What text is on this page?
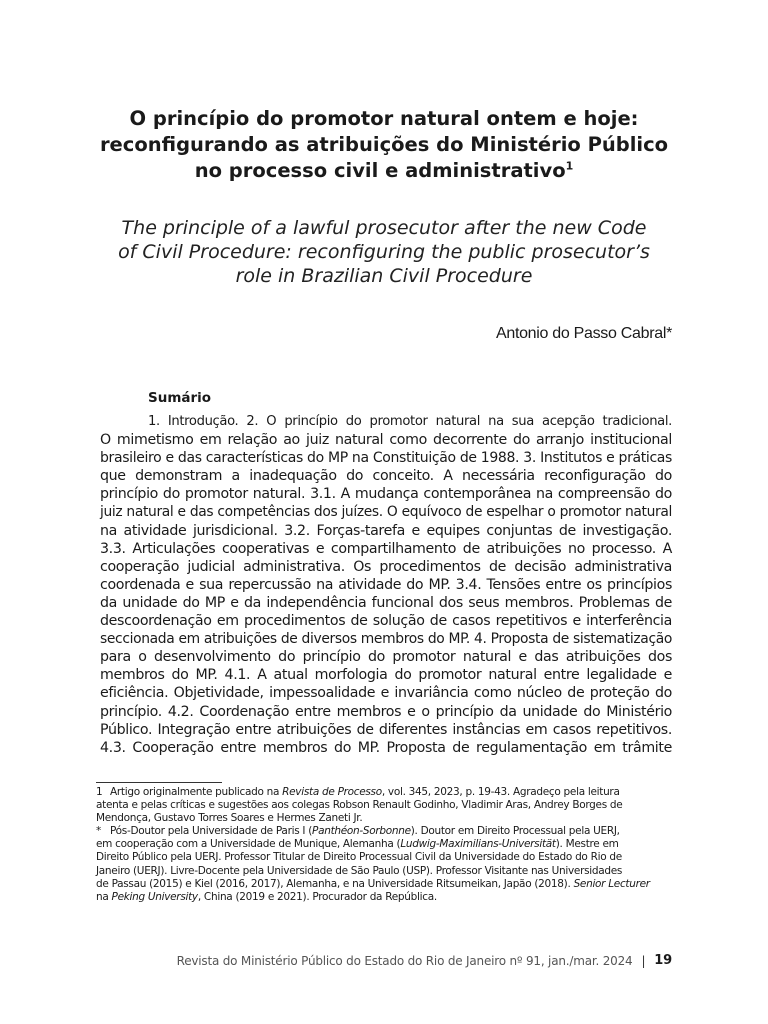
O princípio do promotor natural ontem e hoje:
reconfigurando as atribuições do Ministério Público
no processo civil e administrativo$^1$
The principle of a lawful prosecutor after the new Code
of Civil Procedure: reconfiguring the public prosecutor’s
role in Brazilian Civil Procedure
Antonio do Passo Cabral*
Sumário
1. Introdução. 2. O princípio do promotor natural na sua acepção tradicional.
O mimetismo em relação ao juiz natural como decorrente do arranjo institucional
brasileiro e das características do MP na Constituição de 1988. 3. Institutos e práticas
que demonstram a inadequação do conceito. A necessária reconfiguração do
princípio do promotor natural. 3.1. A mudança contemporânea na compreensão do
juiz natural e das competências dos juízes. O equívoco de espelhar o promotor natural
na atividade jurisdicional. 3.2. Forças-tarefa e equipes conjuntas de investigação.
3.3. Articulações cooperativas e compartilhamento de atribuições no processo. A
cooperação judicial administrativa. Os procedimentos de decisão administrativa
coordenada e sua repercussão na atividade do MP. 3.4. Tensões entre os princípios
da unidade do MP e da independência funcional dos seus membros. Problemas de
descoordenação em procedimentos de solução de casos repetitivos e interferência
seccionada em atribuições de diversos membros do MP. 4. Proposta de sistematização
para o desenvolvimento do princípio do promotor natural e das atribuições dos
membros do MP. 4.1. A atual morfologia do promotor natural entre legalidade e
eficiência. Objetividade, impessoalidade e invariância como núcleo de proteção do
princípio. 4.2. Coordenação entre membros e o princípio da unidade do Ministério
Público. Integração entre atribuições de diferentes instâncias em casos repetitivos.
4.3. Cooperação entre membros do MP. Proposta de regulamentação em trâmite
1 Artigo originalmente publicado na Revista de Processo, vol. 345, 2023, p. 19-43. Agradeço pela leitura
atenta e pelas críticas e sugestões aos colegas Robson Renault Godinho, Vladimir Aras, Andrey Borges de
Mendonça, Gustavo Torres Soares e Hermes Zaneti Jr.
* Pós-Doutor pela Universidade de Paris I (Panthéon-Sorbonne). Doutor em Direito Processual pela UERJ,
em cooperação com a Universidade de Munique, Alemanha (Ludwig-Maximilians-Universität). Mestre em
Direito Público pela UERJ. Professor Titular de Direito Processual Civil da Universidade do Estado do Rio de
Janeiro (UERJ). Livre-Docente pela Universidade de São Paulo (USP). Professor Visitante nas Universidades
de Passau (2015) e Kiel (2016, 2017), Alemanha, e na Universidade Ritsumeikan, Japão (2018). Senior Lecturer
na Peking University, China (2019 e 2021). Procurador da República.
Revista do Ministério Público do Estado do Rio de Janeiro nº 91, jan./mar. 2024 | 19
